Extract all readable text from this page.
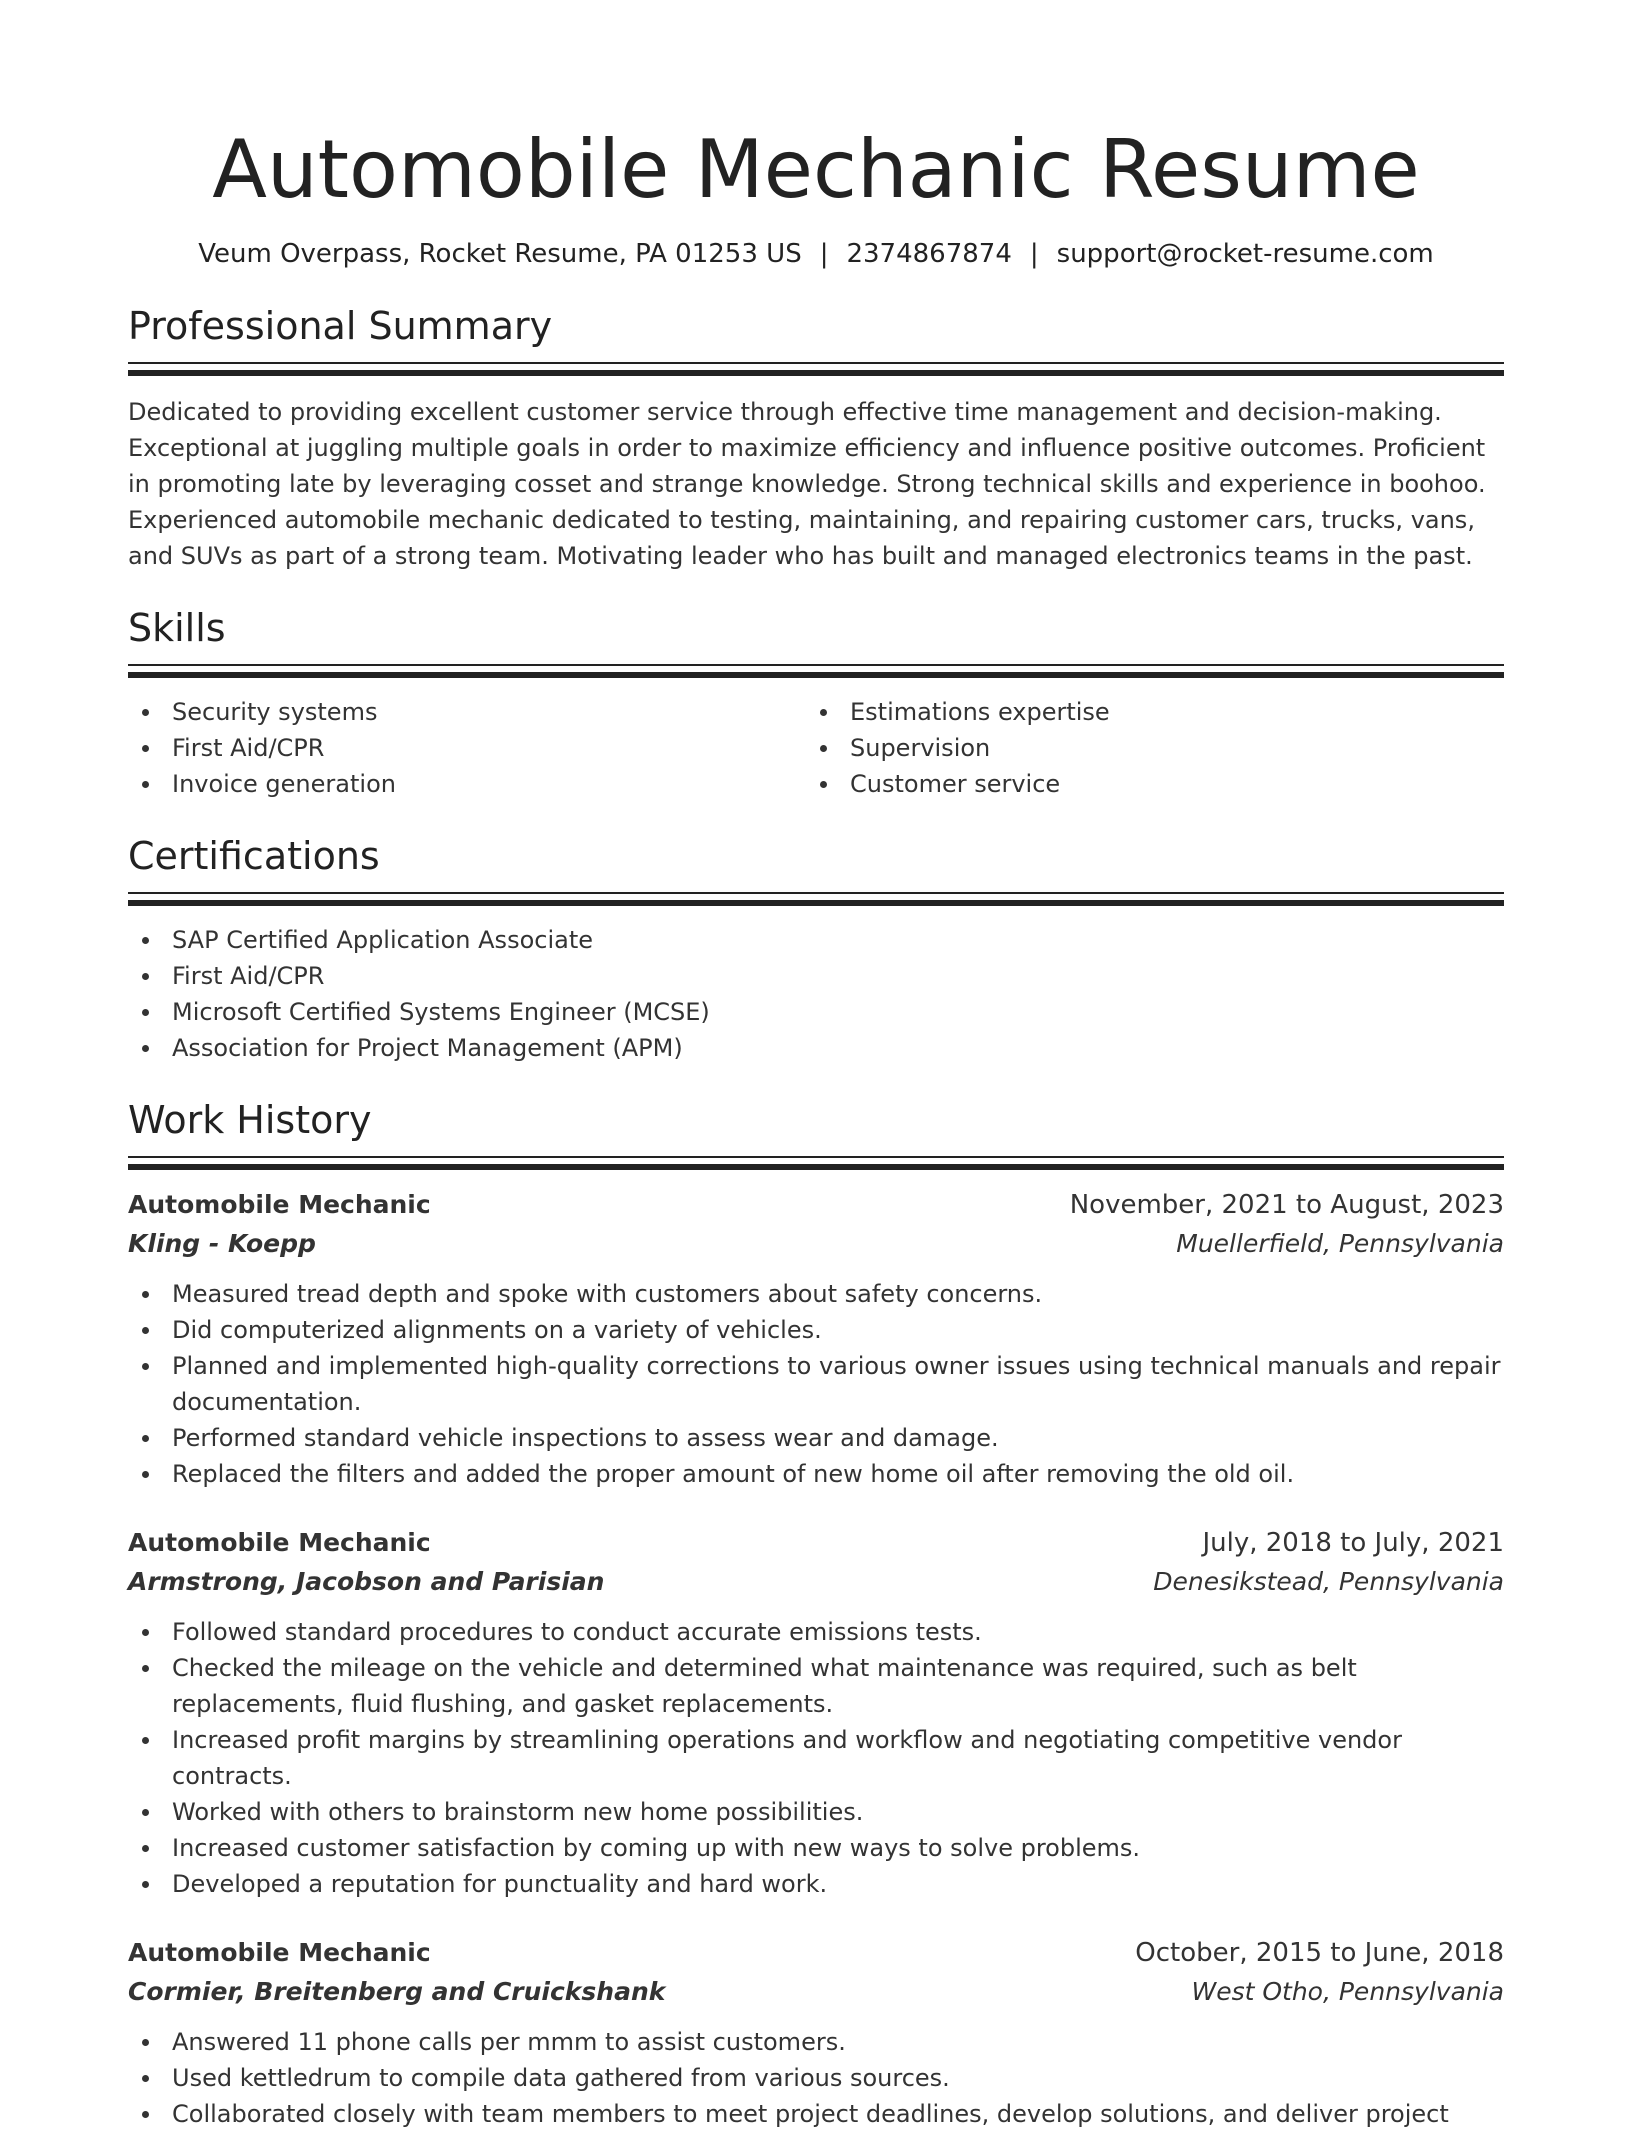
Automobile Mechanic Resume
Veum Overpass, Rocket Resume, PA 01253 US | 2374867874 | support@rocket-resume.com
Professional Summary
Dedicated to providing excellent customer service through effective time management and decision-making. Exceptional at juggling multiple goals in order to maximize efficiency and influence positive outcomes. Proficient in promoting late by leveraging cosset and strange knowledge. Strong technical skills and experience in boohoo. Experienced automobile mechanic dedicated to testing, maintaining, and repairing customer cars, trucks, vans, and SUVs as part of a strong team. Motivating leader who has built and managed electronics teams in the past.
Skills
Security systems
First Aid/CPR
Invoice generation
Estimations expertise
Supervision
Customer service
Certifications
SAP Certified Application Associate
First Aid/CPR
Microsoft Certified Systems Engineer (MCSE)
Association for Project Management (APM)
Work History
Automobile Mechanic	November, 2021 to August, 2023
Kling - Koepp	Muellerfield, Pennsylvania
Measured tread depth and spoke with customers about safety concerns.
Did computerized alignments on a variety of vehicles.
Planned and implemented high-quality corrections to various owner issues using technical manuals and repair documentation.
Performed standard vehicle inspections to assess wear and damage.
Replaced the filters and added the proper amount of new home oil after removing the old oil.
Automobile Mechanic	July, 2018 to July, 2021
Armstrong, Jacobson and Parisian	Denesikstead, Pennsylvania
Followed standard procedures to conduct accurate emissions tests.
Checked the mileage on the vehicle and determined what maintenance was required, such as belt replacements, fluid flushing, and gasket replacements.
Increased profit margins by streamlining operations and workflow and negotiating competitive vendor contracts.
Worked with others to brainstorm new home possibilities.
Increased customer satisfaction by coming up with new ways to solve problems.
Developed a reputation for punctuality and hard work.
Automobile Mechanic	October, 2015 to June, 2018
Cormier, Breitenberg and Cruickshank	West Otho, Pennsylvania
Answered 11 phone calls per mmm to assist customers.
Used kettledrum to compile data gathered from various sources.
Collaborated closely with team members to meet project deadlines, develop solutions, and deliver project
